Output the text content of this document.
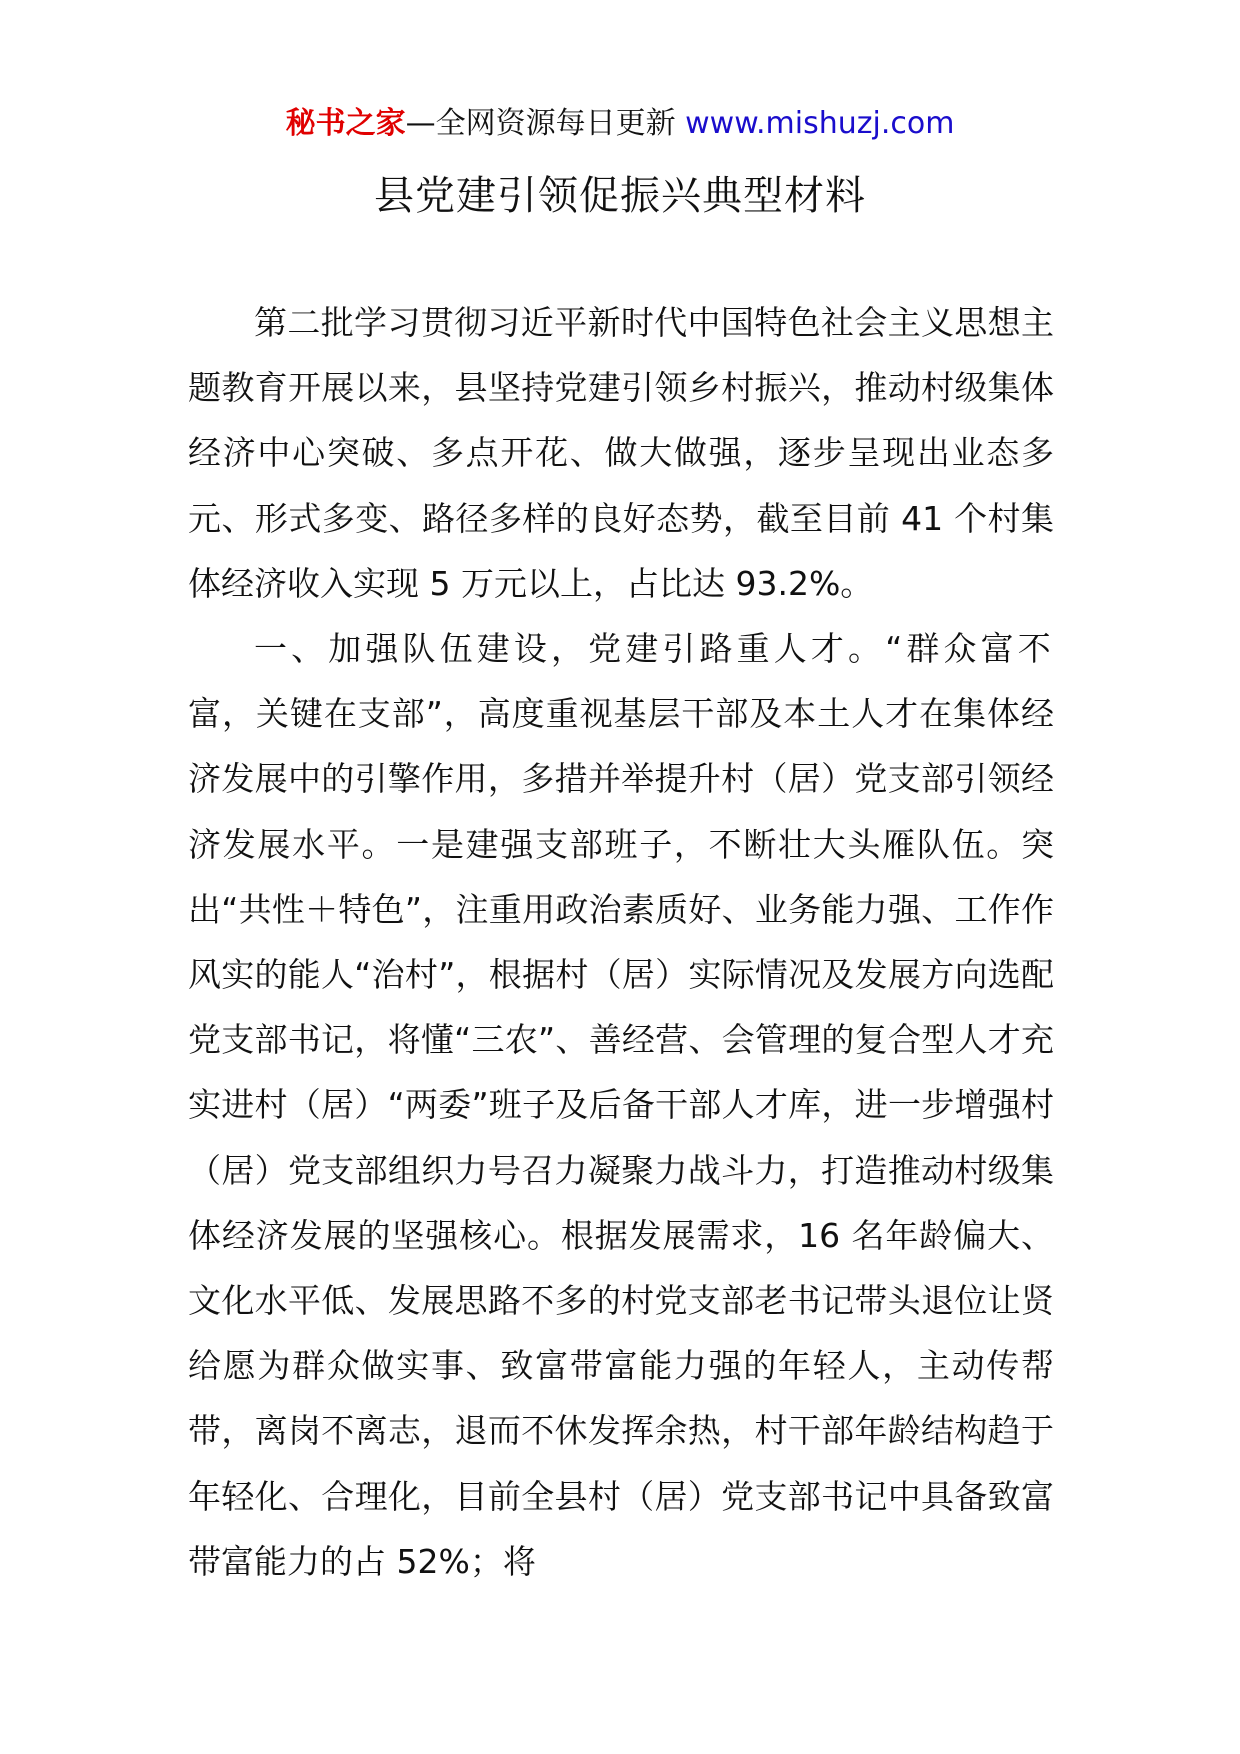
秘书之家—全网资源每日更新 www.mishuzj.com
县党建引领促振兴典型材料

第二批学习贯彻习近平新时代中国特色社会主义思想主题教育开展以来，县坚持党建引领乡村振兴，推动村级集体经济中心突破、多点开花、做大做强，逐步呈现出业态多元、形式多变、路径多样的良好态势，截至目前 41 个村集体经济收入实现 5 万元以上，占比达 93.2%。

一、加强队伍建设，党建引路重人才。“群众富不富，关键在支部”，高度重视基层干部及本土人才在集体经济发展中的引擎作用，多措并举提升村（居）党支部引领经济发展水平。一是建强支部班子，不断壮大头雁队伍。突出“共性＋特色”，注重用政治素质好、业务能力强、工作作风实的能人“治村”，根据村（居）实际情况及发展方向选配党支部书记，将懂“三农”、善经营、会管理的复合型人才充实进村（居）“两委”班子及后备干部人才库，进一步增强村（居）党支部组织力号召力凝聚力战斗力，打造推动村级集体经济发展的坚强核心。根据发展需求，16 名年龄偏大、文化水平低、发展思路不多的村党支部老书记带头退位让贤给愿为群众做实事、致富带富能力强的年轻人，主动传帮带，离岗不离志，退而不休发挥余热，村干部年龄结构趋于年轻化、合理化，目前全县村（居）党支部书记中具备致富带富能力的占 52%；将
